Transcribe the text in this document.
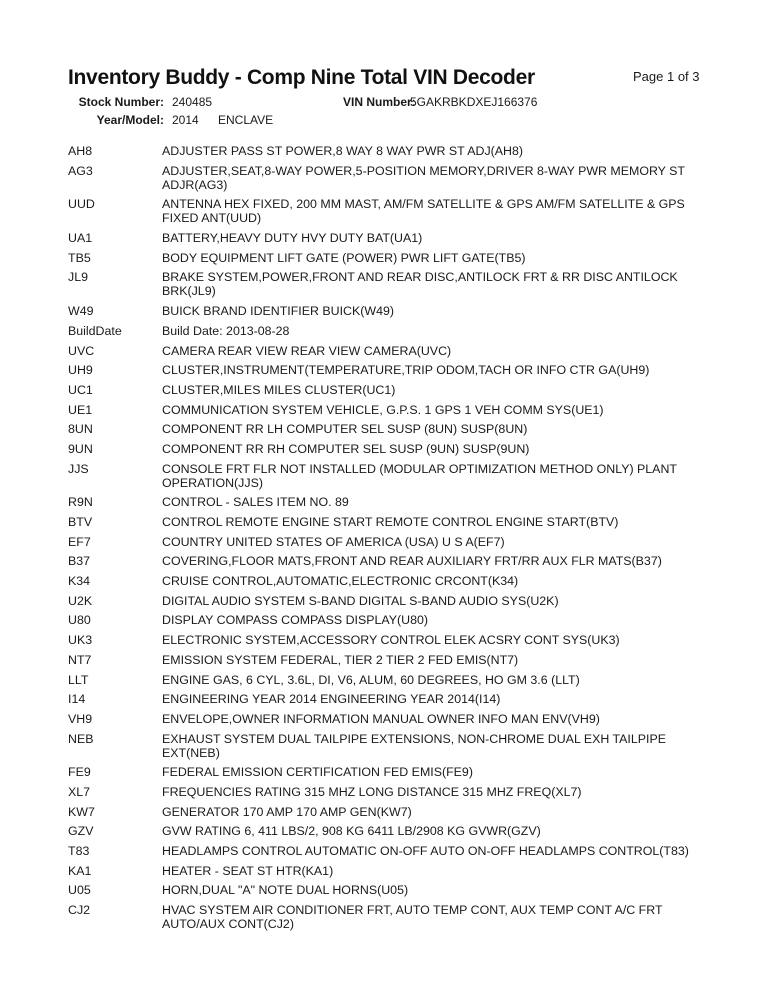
Inventory Buddy - Comp Nine Total VIN Decoder	Page 1 of 3
Stock Number: 240485	VIN Number:
5GAKRBKDXEJ166376
Year/Model: 2014 ENCLAVE
AH8	ADJUSTER PASS ST POWER,8 WAY 8 WAY PWR ST ADJ(AH8)
AG3	ADJUSTER,SEAT,8-WAY POWER,5-POSITION MEMORY,DRIVER 8-WAY PWR MEMORY ST ADJR(AG3)
UUD	ANTENNA HEX FIXED, 200 MM MAST, AM/FM SATELLITE & GPS AM/FM SATELLITE & GPS FIXED ANT(UUD)
UA1	BATTERY,HEAVY DUTY HVY DUTY BAT(UA1)
TB5	BODY EQUIPMENT LIFT GATE (POWER) PWR LIFT GATE(TB5)
JL9	BRAKE SYSTEM,POWER,FRONT AND REAR DISC,ANTILOCK FRT & RR DISC ANTILOCK BRK(JL9)
W49	BUICK BRAND IDENTIFIER BUICK(W49)
BuildDate	Build Date: 2013-08-28
UVC	CAMERA REAR VIEW REAR VIEW CAMERA(UVC)
UH9	CLUSTER,INSTRUMENT(TEMPERATURE,TRIP ODOM,TACH OR INFO CTR GA(UH9)
UC1	CLUSTER,MILES MILES CLUSTER(UC1)
UE1	COMMUNICATION SYSTEM VEHICLE, G.P.S. 1 GPS 1 VEH COMM SYS(UE1)
8UN	COMPONENT RR LH COMPUTER SEL SUSP (8UN) SUSP(8UN)
9UN	COMPONENT RR RH COMPUTER SEL SUSP (9UN) SUSP(9UN)
JJS	CONSOLE FRT FLR NOT INSTALLED (MODULAR OPTIMIZATION METHOD ONLY) PLANT OPERATION(JJS)
R9N	CONTROL - SALES ITEM NO. 89
BTV	CONTROL REMOTE ENGINE START REMOTE CONTROL ENGINE START(BTV)
EF7	COUNTRY UNITED STATES OF AMERICA (USA) U S A(EF7)
B37	COVERING,FLOOR MATS,FRONT AND REAR AUXILIARY FRT/RR AUX FLR MATS(B37)
K34	CRUISE CONTROL,AUTOMATIC,ELECTRONIC CRCONT(K34)
U2K	DIGITAL AUDIO SYSTEM S-BAND DIGITAL S-BAND AUDIO SYS(U2K)
U80	DISPLAY COMPASS COMPASS DISPLAY(U80)
UK3	ELECTRONIC SYSTEM,ACCESSORY CONTROL ELEK ACSRY CONT SYS(UK3)
NT7	EMISSION SYSTEM FEDERAL, TIER 2 TIER 2 FED EMIS(NT7)
LLT	ENGINE GAS, 6 CYL, 3.6L, DI, V6, ALUM, 60 DEGREES, HO GM 3.6 (LLT)
I14	ENGINEERING YEAR 2014 ENGINEERING YEAR 2014(I14)
VH9	ENVELOPE,OWNER INFORMATION MANUAL OWNER INFO MAN ENV(VH9)
NEB	EXHAUST SYSTEM DUAL TAILPIPE EXTENSIONS, NON-CHROME DUAL EXH TAILPIPE EXT(NEB)
FE9	FEDERAL EMISSION CERTIFICATION FED EMIS(FE9)
XL7	FREQUENCIES RATING 315 MHZ LONG DISTANCE 315 MHZ FREQ(XL7)
KW7	GENERATOR 170 AMP 170 AMP GEN(KW7)
GZV	GVW RATING 6, 411 LBS/2, 908 KG 6411 LB/2908 KG GVWR(GZV)
T83	HEADLAMPS CONTROL AUTOMATIC ON-OFF AUTO ON-OFF HEADLAMPS CONTROL(T83)
KA1	HEATER - SEAT ST HTR(KA1)
U05	HORN,DUAL "A" NOTE DUAL HORNS(U05)
CJ2	HVAC SYSTEM AIR CONDITIONER FRT, AUTO TEMP CONT, AUX TEMP CONT A/C FRT AUTO/AUX CONT(CJ2)
